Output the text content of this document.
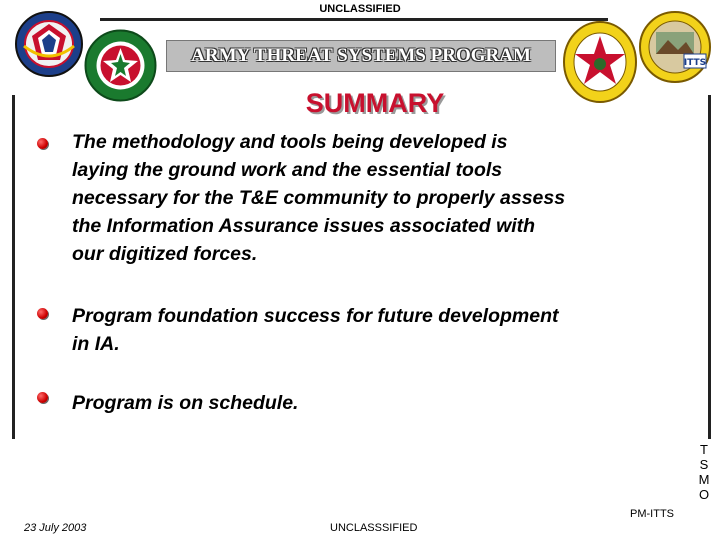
UNCLASSIFIED
ITTS
ARMY THREAT SYSTEMS PROGRAM
SUMMARY
The methodology and tools being developed is
laying the ground work and the essential tools
necessary for the T&E community to properly assess
the Information Assurance issues associated with
our digitized forces.
Program foundation success for future development
in IA.
Program is on schedule.
T
S
M
O
23 July 2003	UNCLASSSIFIED
PM-ITTS
